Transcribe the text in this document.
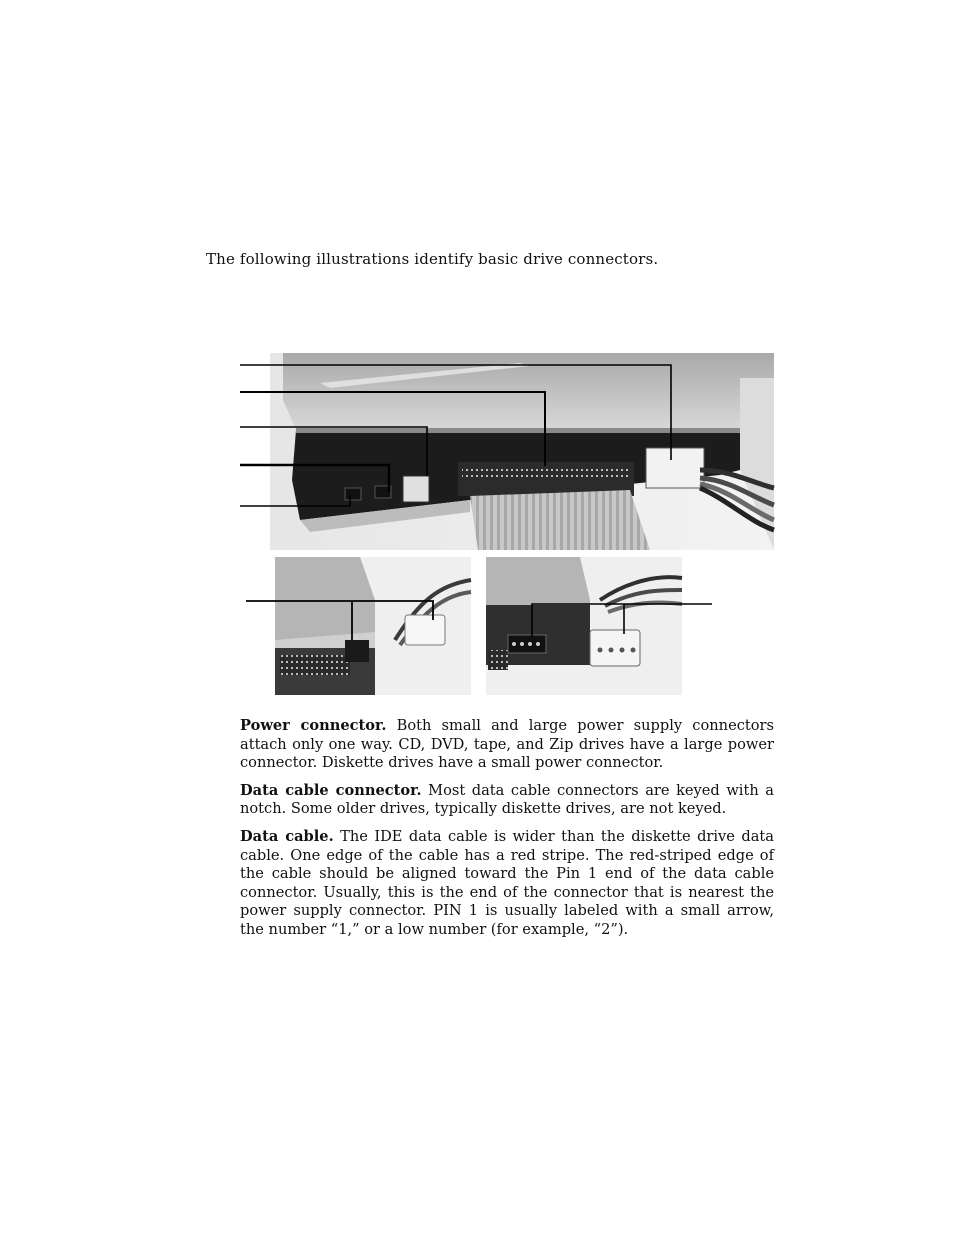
The following illustrations identify basic drive connectors.

Power connector. Both small and large power supply connectors attach only one way. CD, DVD, tape, and Zip drives have a large power connector. Diskette drives have a small power connector.

Data cable connector. Most data cable connectors are keyed with a notch. Some older drives, typically diskette drives, are not keyed.

Data cable. The IDE data cable is wider than the diskette drive data cable. One edge of the cable has a red stripe. The red-striped edge of the cable should be aligned toward the Pin 1 end of the data cable connector. Usually, this is the end of the connector that is nearest the power supply connector. PIN 1 is usually labeled with a small arrow, the number “1,” or a low number (for example, “2”).
